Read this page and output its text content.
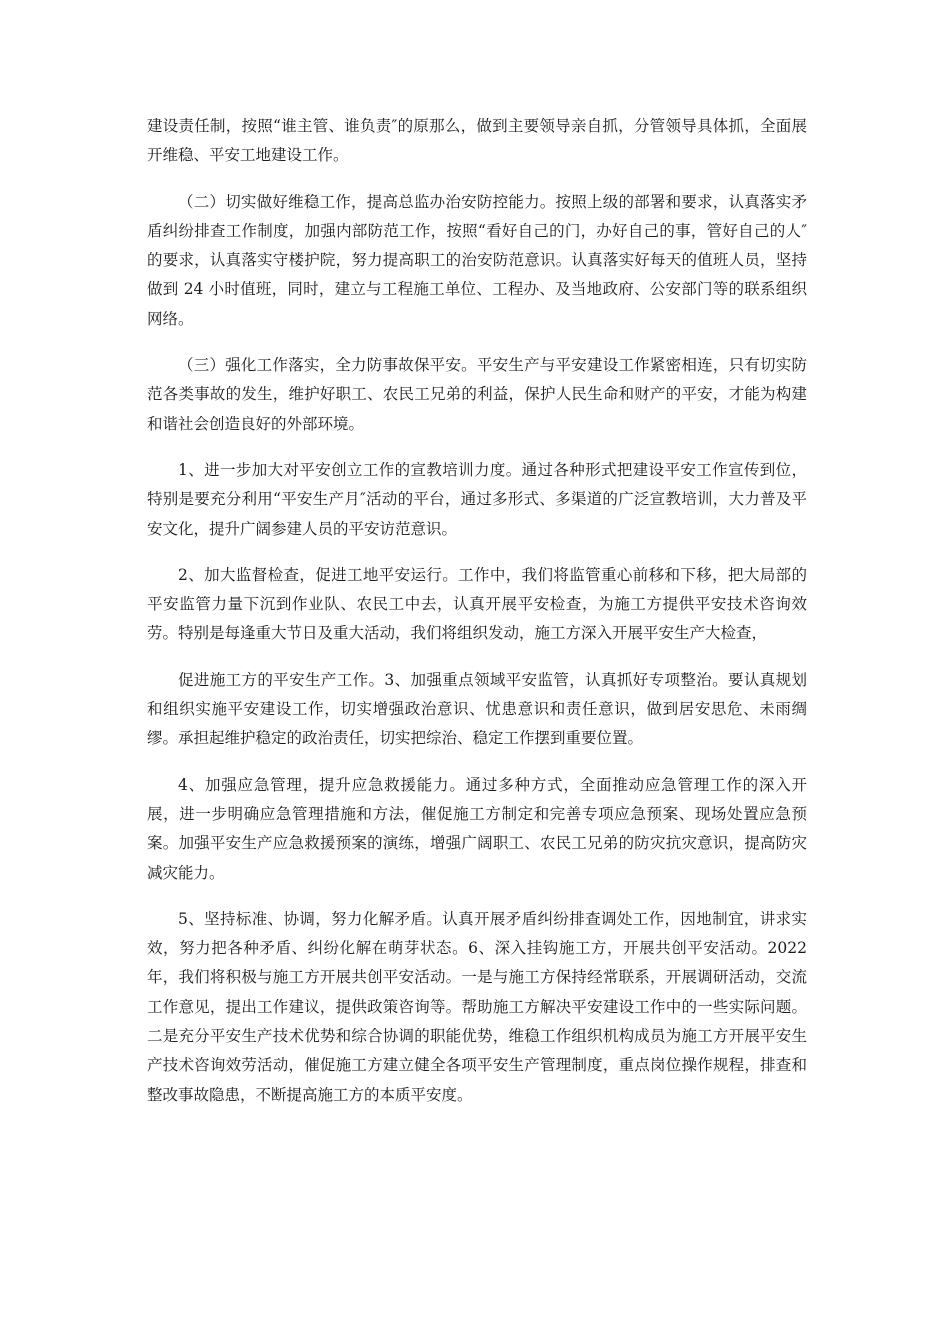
建设责任制，按照“谁主管、谁负责″的原那么，做到主要领导亲自抓，分管领导具体抓，全面展开维稳、平安工地建设工作。

（二）切实做好维稳工作，提高总监办治安防控能力。按照上级的部署和要求，认真落实矛盾纠纷排查工作制度，加强内部防范工作，按照“看好自己的门，办好自己的事，管好自己的人″的要求，认真落实守楼护院，努力提高职工的治安防范意识。认真落实好每天的值班人员，坚持做到 24 小时值班，同时，建立与工程施工单位、工程办、及当地政府、公安部门等的联系组织网络。

（三）强化工作落实，全力防事故保平安。平安生产与平安建设工作紧密相连，只有切实防范各类事故的发生，维护好职工、农民工兄弟的利益，保护人民生命和财产的平安，才能为构建和谐社会创造良好的外部环境。

1、进一步加大对平安创立工作的宣教培训力度。通过各种形式把建设平安工作宣传到位，特别是要充分利用“平安生产月″活动的平台，通过多形式、多渠道的广泛宣教培训，大力普及平安文化，提升广阔参建人员的平安访范意识。

2、加大监督检查，促进工地平安运行。工作中，我们将监管重心前移和下移，把大局部的平安监管力量下沉到作业队、农民工中去，认真开展平安检查，为施工方提供平安技术咨询效劳。特别是每逢重大节日及重大活动，我们将组织发动，施工方深入开展平安生产大检查，

促进施工方的平安生产工作。3、加强重点领域平安监管，认真抓好专项整治。要认真规划和组织实施平安建设工作，切实增强政治意识、忧患意识和责任意识，做到居安思危、未雨绸缪。承担起维护稳定的政治责任，切实把综治、稳定工作摆到重要位置。

4、加强应急管理，提升应急救援能力。通过多种方式，全面推动应急管理工作的深入开展，进一步明确应急管理措施和方法，催促施工方制定和完善专项应急预案、现场处置应急预案。加强平安生产应急救援预案的演练，增强广阔职工、农民工兄弟的防灾抗灾意识，提高防灾减灾能力。

5、坚持标准、协调，努力化解矛盾。认真开展矛盾纠纷排查调处工作，因地制宜，讲求实效，努力把各种矛盾、纠纷化解在萌芽状态。6、深入挂钩施工方，开展共创平安活动。2022 年，我们将积极与施工方开展共创平安活动。一是与施工方保持经常联系，开展调研活动，交流工作意见，提出工作建议，提供政策咨询等。帮助施工方解决平安建设工作中的一些实际问题。二是充分平安生产技术优势和综合协调的职能优势，维稳工作组织机构成员为施工方开展平安生产技术咨询效劳活动，催促施工方建立健全各项平安生产管理制度，重点岗位操作规程，排查和整改事故隐患，不断提高施工方的本质平安度。
